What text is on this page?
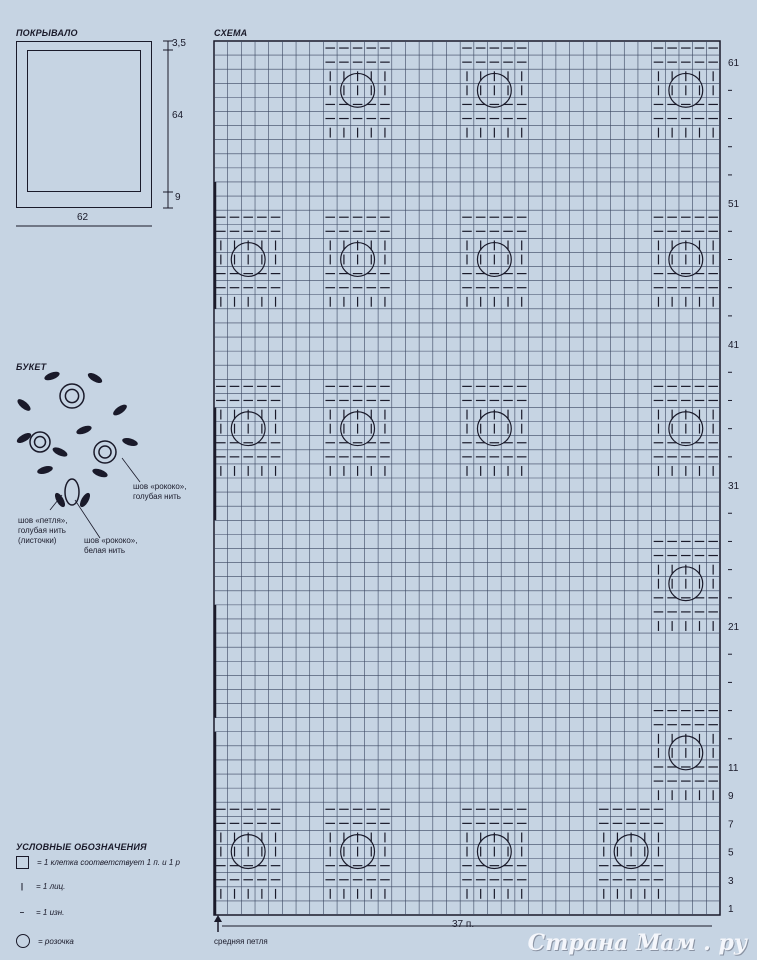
ПОКРЫВАЛО
3,5
64
9
62
БУКЕТ
шов «петля»,
голубая нить
(листочки)	шов «рококо»,
белая нить
шов «рококо»,
голубая нить
УСЛОВНЫЕ ОБОЗНАЧЕНИЯ
= 1 клетка соответствует 1 п. и 1 р
|	= 1 лиц.
–	= 1 изн.
= розочка
СХЕМА
средняя петля
37 п.
1
3
5
7
9
11
21
31
41
51
61
Страна Мам . ру
